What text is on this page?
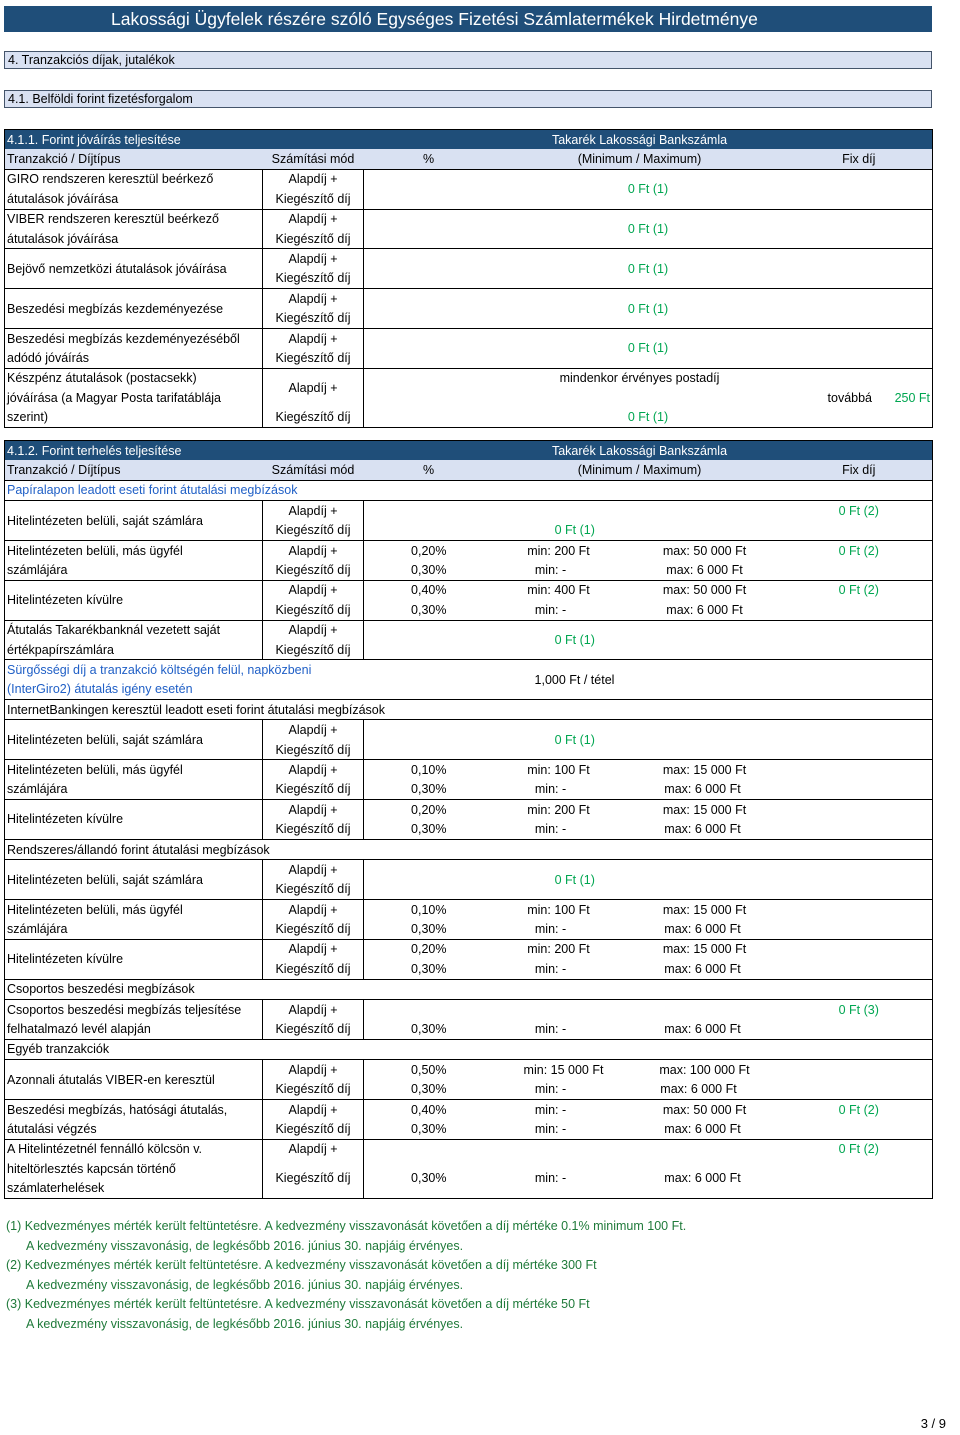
Lakossági Ügyfelek részére szóló Egységes Fizetési Számlatermékek Hirdetménye
4. Tranzakciós díjak, jutalékok
4.1. Belföldi forint fizetésforgalom
4.1.1. Forint jóváírás teljesítése			Takarék Lakossági Bankszámla	
Tranzakció / Díjtípus	Számítási mód	%	(Minimum / Maximum)	Fix díj
GIRO rendszeren keresztül beérkező	Alapdíj +	0 Ft (1)		
átutalások jóváírása	Kiegészítő díj			
VIBER rendszeren keresztül beérkező	Alapdíj +	0 Ft (1)		
átutalások jóváírása	Kiegészítő díj			
Bejövő nemzetközi átutalások jóváírása	Alapdíj +	0 Ft (1)		
	Kiegészítő díj			
Beszedési megbízás kezdeményezése	Alapdíj +	0 Ft (1)		
	Kiegészítő díj			
Beszedési megbízás kezdeményezéséből	Alapdíj +	0 Ft (1)		
adódó jóváírás	Kiegészítő díj			
Készpénz átutalások (postacsekk)	Alapdíj +		mindenkor érvényes postadíj	
jóváírása (a Magyar Posta tarifatáblája				továbbá 250 Ft
szerint)	Kiegészítő díj	0 Ft (1)		
4.1.2. Forint terhelés teljesítése			Takarék Lakossági Bankszámla		
Tranzakció / Díjtípus	Számítási mód	%	(Minimum / Maximum)		Fix díj
Papíralapon leadott eseti forint átutalási megbízások					
Hitelintézeten belüli, saját számlára	Alapdíj +				0 Ft (2)
	Kiegészítő díj	0 Ft (1)			
Hitelintézeten belüli, más ügyfél	Alapdíj +	0,20%	min: 200 Ft	max: 50 000 Ft	0 Ft (2)
számlájára	Kiegészítő díj	0,30%	min: -	max: 6 000 Ft	
Hitelintézeten kívülre	Alapdíj +	0,40%	min: 400 Ft	max: 50 000 Ft	0 Ft (2)
	Kiegészítő díj	0,30%	min: -	max: 6 000 Ft	
Átutalás Takarékbanknál vezetett saját	Alapdíj +	0 Ft (1)			
értékpapírszámlára	Kiegészítő díj				
Sürgősségi díj a tranzakció költségén felül, napközbeni		1,000 Ft / tétel			
(InterGiro2) átutalás igény esetén					
InternetBankingen keresztül leadott eseti forint átutalási megbízások					
Hitelintézeten belüli, saját számlára	Alapdíj +	0 Ft (1)			
	Kiegészítő díj				
Hitelintézeten belüli, más ügyfél	Alapdíj +	0,10%	min: 100 Ft	max: 15 000 Ft	
számlájára	Kiegészítő díj	0,30%	min: -	max: 6 000 Ft	
Hitelintézeten kívülre	Alapdíj +	0,20%	min: 200 Ft	max: 15 000 Ft	
	Kiegészítő díj	0,30%	min: -	max: 6 000 Ft	
Rendszeres/állandó forint átutalási megbízások					
Hitelintézeten belüli, saját számlára	Alapdíj +	0 Ft (1)			
	Kiegészítő díj				
Hitelintézeten belüli, más ügyfél	Alapdíj +	0,10%	min: 100 Ft	max: 15 000 Ft	
számlájára	Kiegészítő díj	0,30%	min: -	max: 6 000 Ft	
Hitelintézeten kívülre	Alapdíj +	0,20%	min: 200 Ft	max: 15 000 Ft	
	Kiegészítő díj	0,30%	min: -	max: 6 000 Ft	
Csoportos beszedési megbízások					
Csoportos beszedési megbízás teljesítése	Alapdíj +				0 Ft (3)
felhatalmazó levél alapján	Kiegészítő díj	0,30%	min: -	max: 6 000 Ft	
Egyéb tranzakciók					
Azonnali átutalás VIBER-en keresztül	Alapdíj +	0,50%	min: 15 000 Ft	max: 100 000 Ft	
	Kiegészítő díj	0,30%	min: -	max: 6 000 Ft	
Beszedési megbízás, hatósági átutalás,	Alapdíj +	0,40%	min: -	max: 50 000 Ft	0 Ft (2)
átutalási végzés	Kiegészítő díj	0,30%	min: -	max: 6 000 Ft	
A Hitelintézetnél fennálló kölcsön v.	Alapdíj +				0 Ft (2)
hiteltörlesztés kapcsán történő	Kiegészítő díj	0,30%	min: -	max: 6 000 Ft	
számlaterhelések					
(1) Kedvezményes mérték került feltüntetésre. A kedvezmény visszavonását követően a díj mértéke 0.1% minimum 100 Ft.
A kedvezmény visszavonásig, de legkésőbb 2016. június 30. napjáig érvényes.
(2) Kedvezményes mérték került feltüntetésre. A kedvezmény visszavonását követően a díj mértéke 300 Ft
A kedvezmény visszavonásig, de legkésőbb 2016. június 30. napjáig érvényes.
(3) Kedvezményes mérték került feltüntetésre. A kedvezmény visszavonását követően a díj mértéke 50 Ft
A kedvezmény visszavonásig, de legkésőbb 2016. június 30. napjáig érvényes.
3 / 9
